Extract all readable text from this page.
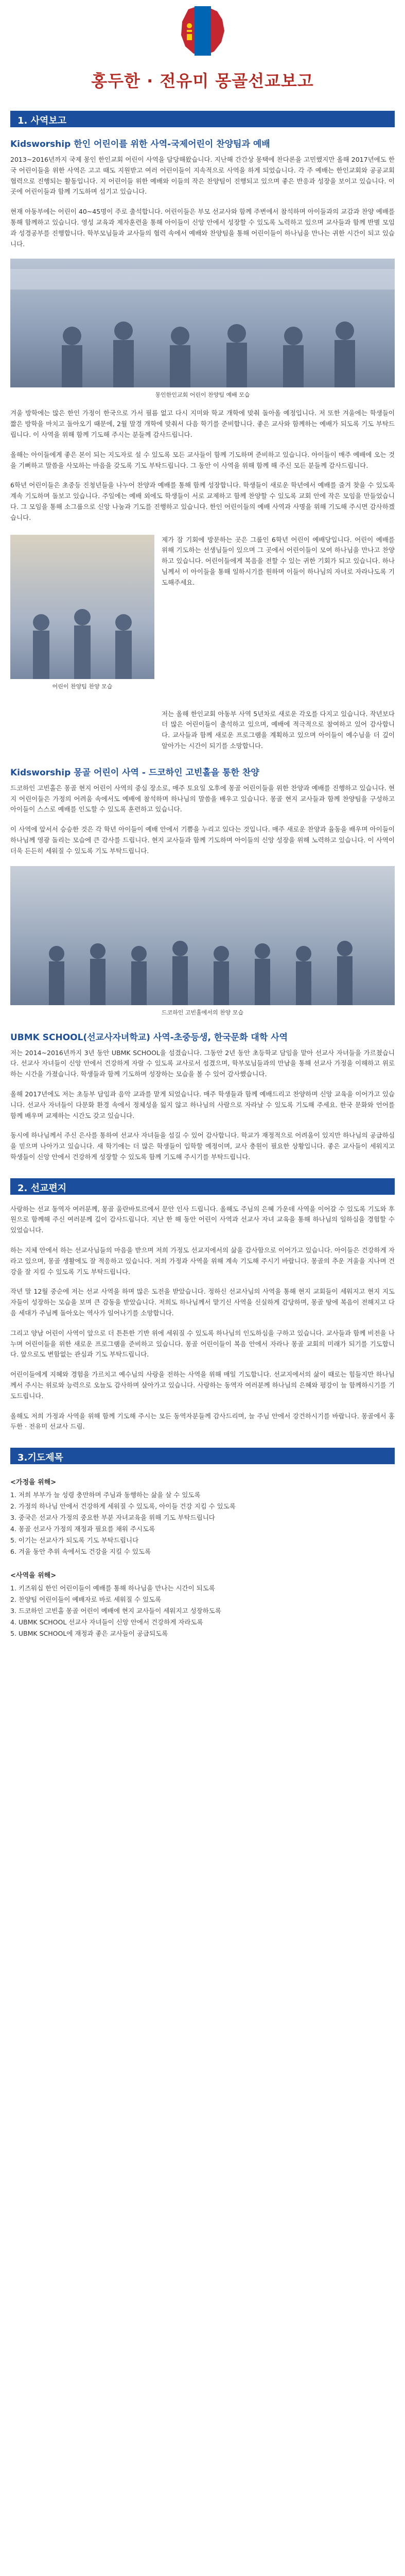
홍두한 · 전유미 몽골선교보고
1. 사역보고
Kidsworship 한인 어린이를 위한 사역-국제어린이 찬양팀과 예배

2013~2016년까지 국제 몽인 한인교회 어린이 사역을 담당해왔습니다. 지난해 간간상 몽택에 찬다론을 고민했지만 올해 2017년에도 한국 어린이들을 위한 사역은 고고 때도 지원받고 여러 어린이들이 지속적으로 사역을 하게 되었습니다. 각 주 예배는 한인교회와 공공교회 협력으로 진행되는 활동입니다. 지 어린이들 위한 예배와 이들의 작은 찬양팀이 진행되고 있으며 좋은 반응과 성장을 보이고 있습니다. 이 곳에 어린이들과 함께 기도하며 섬기고 있습니다.

현재 아동부에는 어린이 40~45명이 주로 출석합니다. 어린이들은 부모 선교사와 함께 주변에서 참석하며 아이들과의 교감과 찬양 예배를 통해 함께하고 있습니다. 영성 교육과 제자훈련을 통해 아이들이 신앙 안에서 성장할 수 있도록 노력하고 있으며 교사들과 함께 반별 모임과 성경공부를 진행합니다. 학부모님들과 교사들의 협력 속에서 예배와 찬양팀을 통해 어린이들이 하나님을 만나는 귀한 시간이 되고 있습니다.

몽인한인교회 어린이 찬양팀 예배 모습

겨울 방학에는 많은 한인 가정이 한국으로 가서 필름 없고 다시 지미와 학교 개학에 맞춰 돌아올 예정입니다. 저 또한 겨울에는 학생들이 짧은 방학을 마치고 돌아오기 때문에, 2월 말경 개학에 맞춰서 다음 학기를 준비합니다. 좋은 교사와 함께하는 예배가 되도록 기도 부탁드립니다. 이 사역을 위해 함께 기도해 주시는 분들께 감사드립니다.

올해는 아이들에게 좋은 본이 되는 지도자로 설 수 있도록 모든 교사들이 함께 기도하며 준비하고 있습니다. 아이들이 매주 예배에 오는 것을 기뻐하고 말씀을 사모하는 마음을 갖도록 기도 부탁드립니다. 그 동안 이 사역을 위해 함께 해 주신 모든 분들께 감사드립니다.

6학년 어린이들은 초중등 진청년들을 나누어 찬양과 예배를 통해 함께 성장합니다. 학생들이 새로운 학년에서 예배를 즐겨 찾을 수 있도록 계속 기도하며 돌보고 있습니다. 주일에는 예배 외에도 학생들이 서로 교제하고 함께 찬양할 수 있도록 교회 안에 작은 모임을 만들었습니다. 그 모임을 통해 소그룹으로 신앙 나눔과 기도를 진행하고 있습니다. 한인 어린이들의 예배 사역과 사명을 위해 기도해 주시면 감사하겠습니다.

어린이 찬양팀 찬양 모습

제가 잠 기회에 방문하는 곳은 그룹인 6학년 어린이 예배당입니다. 어린이 예배를 위해 기도하는 선생님들이 있으며 그 곳에서 어린이들이 모여 하나님을 만나고 찬양하고 있습니다. 어린이들에게 복음을 전할 수 있는 귀한 기회가 되고 있습니다. 하나님께서 이 아이들을 통해 일하시기를 원하며 이들이 하나님의 자녀로 자라나도록 기도해주세요.

저는 올해 한인교회 아동부 사역 5년차로 새로운 각오를 다지고 있습니다. 작년보다 더 많은 어린이들이 출석하고 있으며, 예배에 적극적으로 참여하고 있어 감사합니다. 교사들과 함께 새로운 프로그램을 계획하고 있으며 아이들이 예수님을 더 깊이 알아가는 시간이 되기를 소망합니다.

Kidsworship 몽골 어린이 사역 - 드코하인 고빈홀을 통한 찬양

드코하인 고빈홀은 몽골 현지 어린이 사역의 중심 장소로, 매주 토요일 오후에 몽골 어린이들을 위한 찬양과 예배를 진행하고 있습니다. 현지 어린이들은 가정의 어려움 속에서도 예배에 참석하며 하나님의 말씀을 배우고 있습니다. 몽골 현지 교사들과 함께 찬양팀을 구성하고 아이들이 스스로 예배를 인도할 수 있도록 훈련하고 있습니다.

이 사역에 앞서서 승승한 것은 각 학년 아이들이 예배 안에서 기쁨을 누리고 있다는 것입니다. 매주 새로운 찬양과 율동을 배우며 아이들이 하나님께 영광 돌리는 모습에 큰 감사를 드립니다. 현지 교사들과 함께 기도하며 아이들의 신앙 성장을 위해 노력하고 있습니다. 이 사역이 더욱 든든히 세워질 수 있도록 기도 부탁드립니다.

드코하인 고빈홀에서의 찬양 모습
UBMK SCHOOL(선교사자녀학교) 사역-초중등생, 한국문화 대학 사역

저는 2014~2016년까지 3년 동안 UBMK SCHOOL을 섬겼습니다. 그동안 2년 동안 초등학교 담임을 맡아 선교사 자녀들을 가르쳤습니다. 선교사 자녀들이 신앙 안에서 건강하게 자랄 수 있도록 교사로서 섬겼으며, 학부모님들과의 만남을 통해 선교사 가정을 이해하고 위로하는 시간을 가졌습니다. 학생들과 함께 기도하며 성장하는 모습을 볼 수 있어 감사했습니다.

올해 2017년에도 저는 초등부 담임과 음악 교과를 맡게 되었습니다. 매주 학생들과 함께 예배드리고 찬양하며 신앙 교육을 이어가고 있습니다. 선교사 자녀들이 다문화 환경 속에서 정체성을 잃지 않고 하나님의 사람으로 자라날 수 있도록 기도해 주세요. 한국 문화와 언어를 함께 배우며 교제하는 시간도 갖고 있습니다.

동시에 하나님께서 주신 은사를 통하여 선교사 자녀들을 섬길 수 있어 감사합니다. 학교가 재정적으로 어려움이 있지만 하나님의 공급하심을 믿으며 나아가고 있습니다. 새 학기에는 더 많은 학생들이 입학할 예정이며, 교사 충원이 필요한 상황입니다. 좋은 교사들이 세워지고 학생들이 신앙 안에서 건강하게 성장할 수 있도록 함께 기도해 주시기를 부탁드립니다.

2. 선교편지

사랑하는 선교 동역자 여러분께, 몽골 울란바토르에서 문안 인사 드립니다. 올해도 주님의 은혜 가운데 사역을 이어갈 수 있도록 기도와 후원으로 함께해 주신 여러분께 깊이 감사드립니다. 지난 한 해 동안 어린이 사역과 선교사 자녀 교육을 통해 하나님의 일하심을 경험할 수 있었습니다.

하는 지체 안에서 하는 선교사님들의 마음을 받으며 저희 가정도 선교지에서의 삶을 감사함으로 이어가고 있습니다. 아이들은 건강하게 자라고 있으며, 몽골 생활에도 잘 적응하고 있습니다. 저희 가정과 사역을 위해 계속 기도해 주시기 바랍니다. 몽골의 추운 겨울을 지나며 건강을 잘 지킬 수 있도록 기도 부탁드립니다.

작년 말 12월 중순에 저는 선교 사역을 하며 많은 도전을 받았습니다. 정하신 선교사님의 사역을 통해 현지 교회들이 세워지고 현지 지도자들이 성장하는 모습을 보며 큰 감동을 받았습니다. 저희도 하나님께서 맡기신 사역을 신실하게 감당하며, 몽골 땅에 복음이 전해지고 다음 세대가 주님께 돌아오는 역사가 일어나기를 소망합니다.

그리고 양남 어린이 사역이 앞으로 더 튼튼한 기반 위에 세워질 수 있도록 하나님의 인도하심을 구하고 있습니다. 교사들과 함께 비전을 나누며 어린이들을 위한 새로운 프로그램을 준비하고 있습니다. 몽골 어린이들이 복음 안에서 자라나 몽골 교회의 미래가 되기를 기도합니다. 앞으로도 변함없는 관심과 기도 부탁드립니다.

어린이들에게 지혜와 경험을 가르치고 예수님의 사랑을 전하는 사역을 위해 매일 기도합니다. 선교지에서의 삶이 때로는 힘들지만 하나님께서 주시는 위로와 능력으로 오늘도 감사하며 살아가고 있습니다. 사랑하는 동역자 여러분께 하나님의 은혜와 평강이 늘 함께하시기를 기도드립니다.

올해도 저희 가정과 사역을 위해 함께 기도해 주시는 모든 동역자분들께 감사드리며, 늘 주님 안에서 강건하시기를 바랍니다. 몽골에서 홍두한 · 전유미 선교사 드림.

3.기도제목
<가정을 위해>
1. 저희 부부가 늘 성령 충만하며 주님과 동행하는 삶을 살 수 있도록
2. 가정의 하나님 안에서 건강하게 세워질 수 있도록, 아이들 건강 지킴 수 있도록
3. 중국은 선교사 가정의 중요한 부분 자녀교육을 위해 기도 부탁드립니다
4. 몽골 선교사 가정의 재정과 필요를 채워 주시도록
5. 이기는 선교사가 되도록 기도 부탁드립니다
6. 겨울 동안 추위 속에서도 건강을 지킬 수 있도록
<사역을 위해>
1. 키즈워십 한인 어린이들이 예배를 통해 하나님을 만나는 시간이 되도록
2. 찬양팀 어린이들이 예배자로 바로 세워질 수 있도록
3. 드코하인 고빈홀 몽골 어린이 예배에 현지 교사들이 세워지고 성장하도록
4. UBMK SCHOOL 선교사 자녀들이 신앙 안에서 건강하게 자라도록
5. UBMK SCHOOL에 재정과 좋은 교사들이 공급되도록
